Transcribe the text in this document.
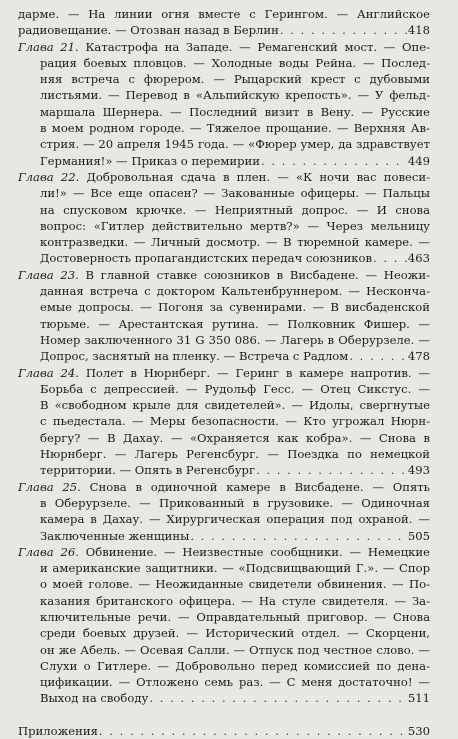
дарме. — На линии огня вместе с Герингом. — Английское
радиовещание. — Отозван назад в Берлин . . .	418
Глава 21. Катастрофа на Западе. — Ремагенский мост. — Опе-
рация боевых пловцов. — Холодные воды Рейна. — Послед-
няя встреча с фюрером. — Рыцарский крест с дубовыми
листьями. — Перевод в «Альпийскую крепость». — У фельд-
маршала Шернера. — Последний визит в Вену. — Русские
в моем родном городе. — Тяжелое прощание. — Верхняя Ав-
стрия. — 20 апреля 1945 года. — «Фюрер умер, да здравствует
Германия!» — Приказ о перемирии . . .	449
Глава 22. Добровольная сдача в плен. — «К ночи вас повеси-
ли!» — Все еще опасен? — Закованные офицеры. — Пальцы
на спусковом крючке. — Неприятный допрос. — И снова
вопрос: «Гитлер действительно мертв?» — Через мельницу
контразведки. — Личный досмотр. — В тюремной камере. —
Достоверность пропагандистских передач союзников . . .	463
Глава 23. В главной ставке союзников в Висбадене. — Неожи-
данная встреча с доктором Кальтенбруннером. — Несконча-
емые допросы. — Погоня за сувенирами. — В висбаденской
тюрьме. — Арестантская рутина. — Полковник Фишер. —
Номер заключенного 31 G 350 086. — Лагерь в Оберурзеле. —
Допрос, заснятый на пленку. — Встреча с Радлом . . .	478
Глава 24. Полет в Нюрнберг. — Геринг в камере напротив. —
Борьба с депрессией. — Рудольф Гесс. — Отец Сикстус. —
В «свободном крыле для свидетелей». — Идолы, свергнутые
с пьедестала. — Меры безопасности. — Кто угрожал Нюрн-
бергу? — В Дахау. — «Охраняется как кобра». — Снова в
Нюрнберг. — Лагерь Регенсбург. — Поездка по немецкой
территории. — Опять в Регенсбург . . .	493
Глава 25. Снова в одиночной камере в Висбадене. — Опять
в Оберурзеле. — Прикованный в грузовике. — Одиночная
камера в Дахау. — Хирургическая операция под охраной. —
Заключенные женщины . . .	505
Глава 26. Обвинение. — Неизвестные сообщники. — Немецкие
и американские защитники. — «Подсвищвающий Г.». — Спор
о моей голове. — Неожиданные свидетели обвинения. — По-
казания британского офицера. — На стуле свидетеля. — За-
ключительные речи. — Оправдательный приговор. — Снова
среди боевых друзей. — Исторический отдел. — Скорцени,
он же Абель. — Осевая Салли. — Отпуск под честное слово. —
Слухи о Гитлере. — Добровольно перед комиссией по дена-
цификации. — Отложено семь раз. — С меня достаточно! —
Выход на свободу . . .	511
Приложения . . .	530
